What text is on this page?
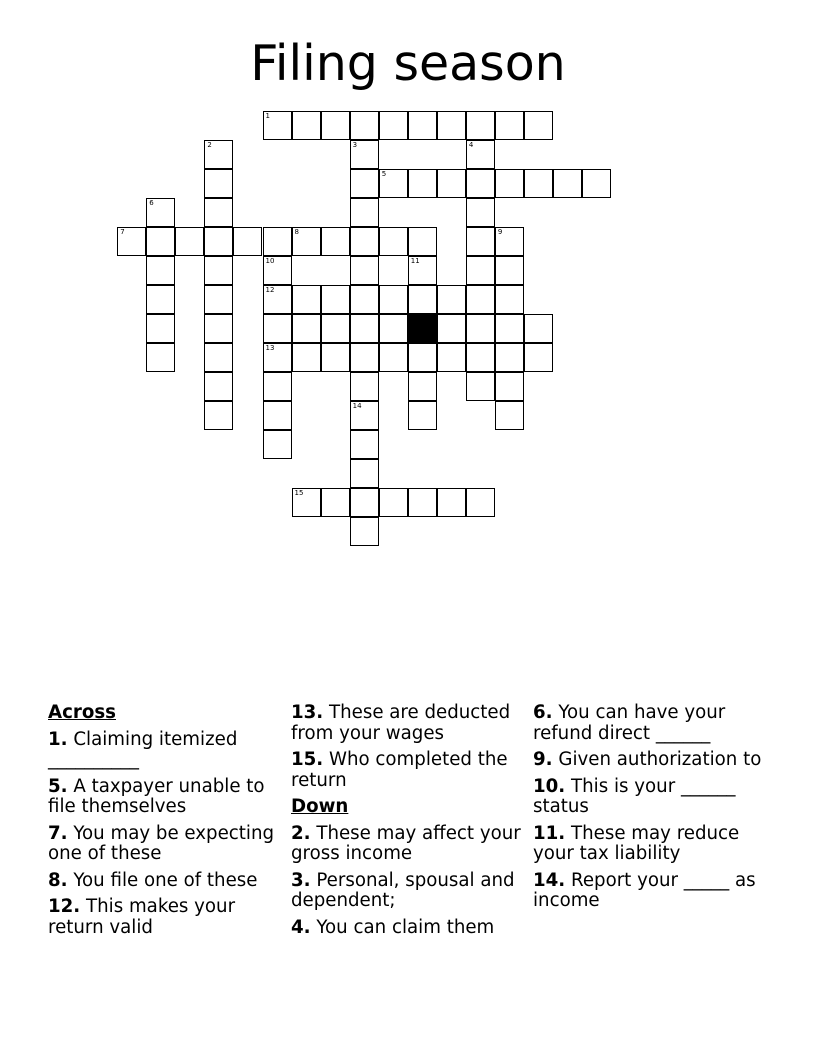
Filing season
1
2	3	4
5
6
7	8	9
10
12
13
11
15
14
Across
1. Claiming itemized __________
5. A taxpayer unable to file themselves
7. You may be expecting one of these
8. You file one of these
12. This makes your return valid
13. These are deducted from your wages
15. Who completed the return
Down
2. These may affect your gross income
3. Personal, spousal and dependent;
4. You can claim them
6. You can have your refund direct ______
9. Given authorization to
10. This is your ______ status
11. These may reduce your tax liability
14. Report your _____ as income
